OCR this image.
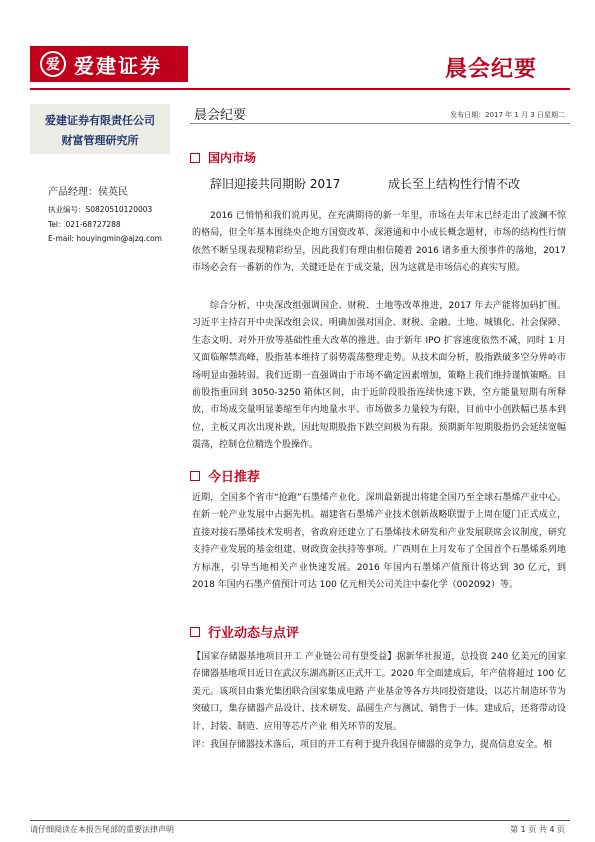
爱 爱建证券	晨会纪要
爱建证券有限责任公司
财富管理研究所
产品经理：侯英民
执业编号：S0820510120003
Tel：021-68727288
E-mail: houyingmin@ajzq.com
晨会纪要	发布日期：2017 年 1 月 3 日星期二
国内市场
辞旧迎接共同期盼 2017	成长至上结构性行情不改

2016 已悄悄和我们说再见，在充满期待的新一年里，市场在去年末已经走出了波澜不惊的格局，但全年基本围绕央企地方国资改革、深港通和中小成长概念题材，市场的结构性行情依然不断呈现表现精彩纷呈，因此我们有理由相信随着 2016 诸多重大预事件的落地，2017 市场必会有一番新的作为，关键还是在于成交量，因为这就是市场信心的真实写照。

综合分析，中央深改组强调国企、财税、土地等改革推进，2017 年去产能将加码扩围。习近平主持召开中央深改组会议，明确加强对国企、财税、金融、土地、城镇化、社会保障、生态文明、对外开放等基础性重大改革的推进。由于新年 IPO 扩容速度依然不减，同时 1 月又面临解禁高峰，股指基本维持了弱势震荡整理走势。从技术面分析，股指跌破多空分界岭市场明显由强转弱。我们近期一直强调由于市场不确定因素增加，策略上我们维持谨慎策略。目前股指重回到 3050-3250 箱体区间，由于近阶段股指连续快速下跌，空方能量短期有所释放，市场成交量明显萎缩至年内地量水平。市场做多力量较为有限，目前中小创跌幅已基本到位，主板又再次出现补跌，因此短期股指下跌空间极为有限。预期新年短期股指仍会延续宽幅震荡，控制仓位精选个股操作。

今日推荐

近期，全国多个省市“抢跑”石墨烯产业化。深圳最新提出将建全国乃至全球石墨烯产业中心。在新一轮产业发展中占据先机。福建省石墨烯产业技术创新战略联盟于上周在厦门正式成立，直接对接石墨烯技术发明者，省政府还建立了石墨烯技术研发和产业发展联席会议制度，研究支持产业发展的基金组建、财政资金扶持等事项。广西则在上月发布了全国首个石墨烯系列地方标准，引导当地相关产业快速发展。2016 年国内石墨烯产值预计将达到 30 亿元，到 2018 年国内石墨产值预计可达 100 亿元相关公司关注中泰化学（002092）等。

行业动态与点评

【国家存储器基地项目开工 产业链公司有望受益】据新华社报道，总投资 240 亿美元的国家存储器基地项目近日在武汉东湖高新区正式开工。2020 年全面建成后，年产值将超过 100 亿美元。该项目由紫光集团联合国家集成电路 产业基金等各方共同投资建设，以芯片制造环节为突破口，集存储器产品设计、技术研发、晶圆生产与测试、销售于一体。建成后，还将带动设计、封装、制造、应用等芯片产业 相关环节的发展。

评：我国存储器技术落后，项目的开工有利于提升我国存储器的竞争力，提高信息安全。相

请仔细阅读在本报告尾部的重要法律声明	第 1 页 共 4 页
